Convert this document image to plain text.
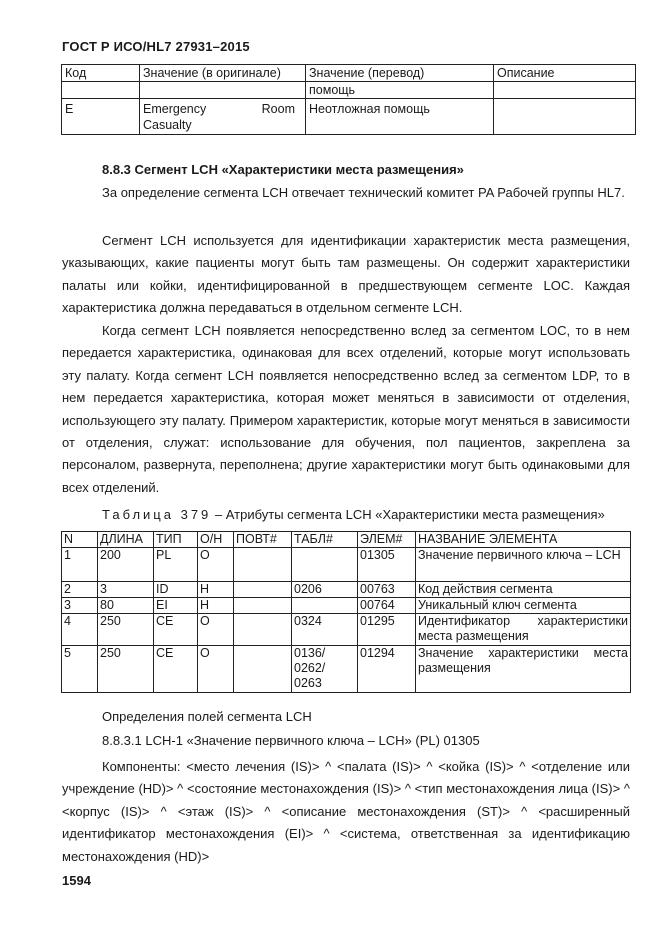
ГОСТ Р ИСО/HL7 27931–2015
Код	Значение (в оригинале)	Значение (перевод)	Описание
		помощь	
E	Emergency Room Casualty	Неотложная помощь	
8.8.3 Сегмент LCH «Характеристики места размещения»
За определение сегмента LCH отвечает технический комитет PA Рабочей группы HL7.
Сегмент LCH используется для идентификации характеристик места размещения, указывающих, какие пациенты могут быть там размещены. Он содержит характеристики палаты или койки, идентифицированной в предшествующем сегменте LOC. Каждая характеристика должна передаваться в отдельном сегменте LCH.
Когда сегмент LCH появляется непосредственно вслед за сегментом LOC, то в нем передается характеристика, одинаковая для всех отделений, которые могут использовать эту палату. Когда сегмент LCH появляется непосредственно вслед за сегментом LDP, то в нем передается характеристика, которая может меняться в зависимости от отделения, использующего эту палату. Примером характеристик, которые могут меняться в зависимости от отделения, служат: использование для обучения, пол пациентов, закреплена за персоналом, развернута, переполнена; другие характеристики могут быть одинаковыми для всех отделений.
Таблица 379 – Атрибуты сегмента LCH «Характеристики места размещения»
N	ДЛИНА	ТИП	О/Н	ПОВТ#	ТАБЛ#	ЭЛЕМ#	НАЗВАНИЕ ЭЛЕМЕНТА
1	200	PL	O			01305	Значение первичного ключа – LCH

2	3	ID	Н		0206	00763	Код действия сегмента
3	80	EI	Н			00764	Уникальный ключ сегмента
4	250	CE	O		0324	01295	Идентификатор характеристики места размещения

5	250	CE	O		0136/ 0262/ 0263	01294	Значение характеристики места размещения
Определения полей сегмента LCH
8.8.3.1 LCH-1 «Значение первичного ключа – LCH» (PL) 01305
Компоненты: <место лечения (IS)> ^ <палата (IS)> ^ <койка (IS)> ^ <отделение или учреждение (HD)> ^ <состояние местонахождения (IS)> ^ <тип местонахождения лица (IS)> ^ <корпус (IS)> ^ <этаж (IS)> ^ <описание местонахождения (ST)> ^ <расширенный идентификатор местонахождения (EI)> ^ <система, ответственная за идентификацию местонахождения (HD)>
1594
